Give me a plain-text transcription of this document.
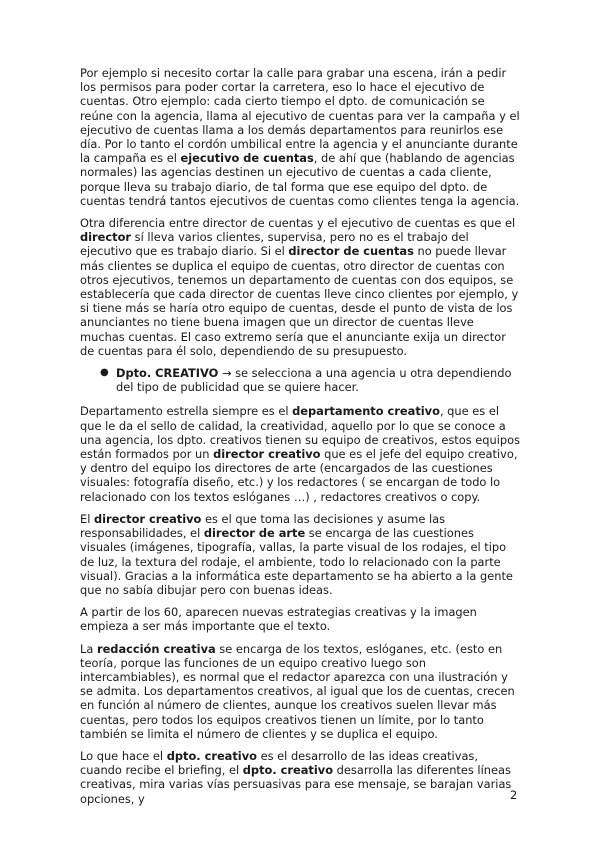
Por ejemplo si necesito cortar la calle para grabar una escena, irán a pedir los permisos para poder cortar la carretera, eso lo hace el ejecutivo de cuentas. Otro ejemplo: cada cierto tiempo el dpto. de comunicación se reúne con la agencia, llama al ejecutivo de cuentas para ver la campaña y el ejecutivo de cuentas llama a los demás departamentos para reunirlos ese día. Por lo tanto el cordón umbilical entre la agencia y el anunciante durante la campaña es el ejecutivo de cuentas, de ahí que (hablando de agencias normales) las agencias destinen un ejecutivo de cuentas a cada cliente, porque lleva su trabajo diario, de tal forma que ese equipo del dpto. de cuentas tendrá tantos ejecutivos de cuentas como clientes tenga la agencia.

Otra diferencia entre director de cuentas y el ejecutivo de cuentas es que el director sí lleva varios clientes, supervisa, pero no es el trabajo del ejecutivo que es trabajo diario. Si el director de cuentas no puede llevar más clientes se duplica el equipo de cuentas, otro director de cuentas con otros ejecutivos, tenemos un departamento de cuentas con dos equipos, se establecería que cada director de cuentas lleve cinco clientes por ejemplo, y si tiene más se haría otro equipo de cuentas, desde el punto de vista de los anunciantes no tiene buena imagen que un director de cuentas lleve muchas cuentas. El caso extremo sería que el anunciante exija un director de cuentas para él solo, dependiendo de su presupuesto.

● Dpto. CREATIVO → se selecciona a una agencia u otra dependiendo del tipo de publicidad que se quiere hacer.

Departamento estrella siempre es el departamento creativo, que es el que le da el sello de calidad, la creatividad, aquello por lo que se conoce a una agencia, los dpto. creativos tienen su equipo de creativos, estos equipos están formados por un director creativo que es el jefe del equipo creativo, y dentro del equipo los directores de arte (encargados de las cuestiones visuales: fotografía diseño, etc.) y los redactores ( se encargan de todo lo relacionado con los textos eslóganes …) , redactores creativos o copy.

El director creativo es el que toma las decisiones y asume las responsabilidades, el director de arte se encarga de las cuestiones visuales (imágenes, tipografía, vallas, la parte visual de los rodajes, el tipo de luz, la textura del rodaje, el ambiente, todo lo relacionado con la parte visual). Gracias a la informática este departamento se ha abierto a la gente que no sabía dibujar pero con buenas ideas.

A partir de los 60, aparecen nuevas estrategias creativas y la imagen empieza a ser más importante que el texto.

La redacción creativa se encarga de los textos, eslóganes, etc. (esto en teoría, porque las funciones de un equipo creativo luego son intercambiables), es normal que el redactor aparezca con una ilustración y se admita. Los departamentos creativos, al igual que los de cuentas, crecen en función al número de clientes, aunque los creativos suelen llevar más cuentas, pero todos los equipos creativos tienen un límite, por lo tanto también se limita el número de clientes y se duplica el equipo.

Lo que hace el dpto. creativo es el desarrollo de las ideas creativas, cuando recibe el briefing, el dpto. creativo desarrolla las diferentes líneas creativas, mira varias vías persuasivas para ese mensaje, se barajan varias opciones, y	2
